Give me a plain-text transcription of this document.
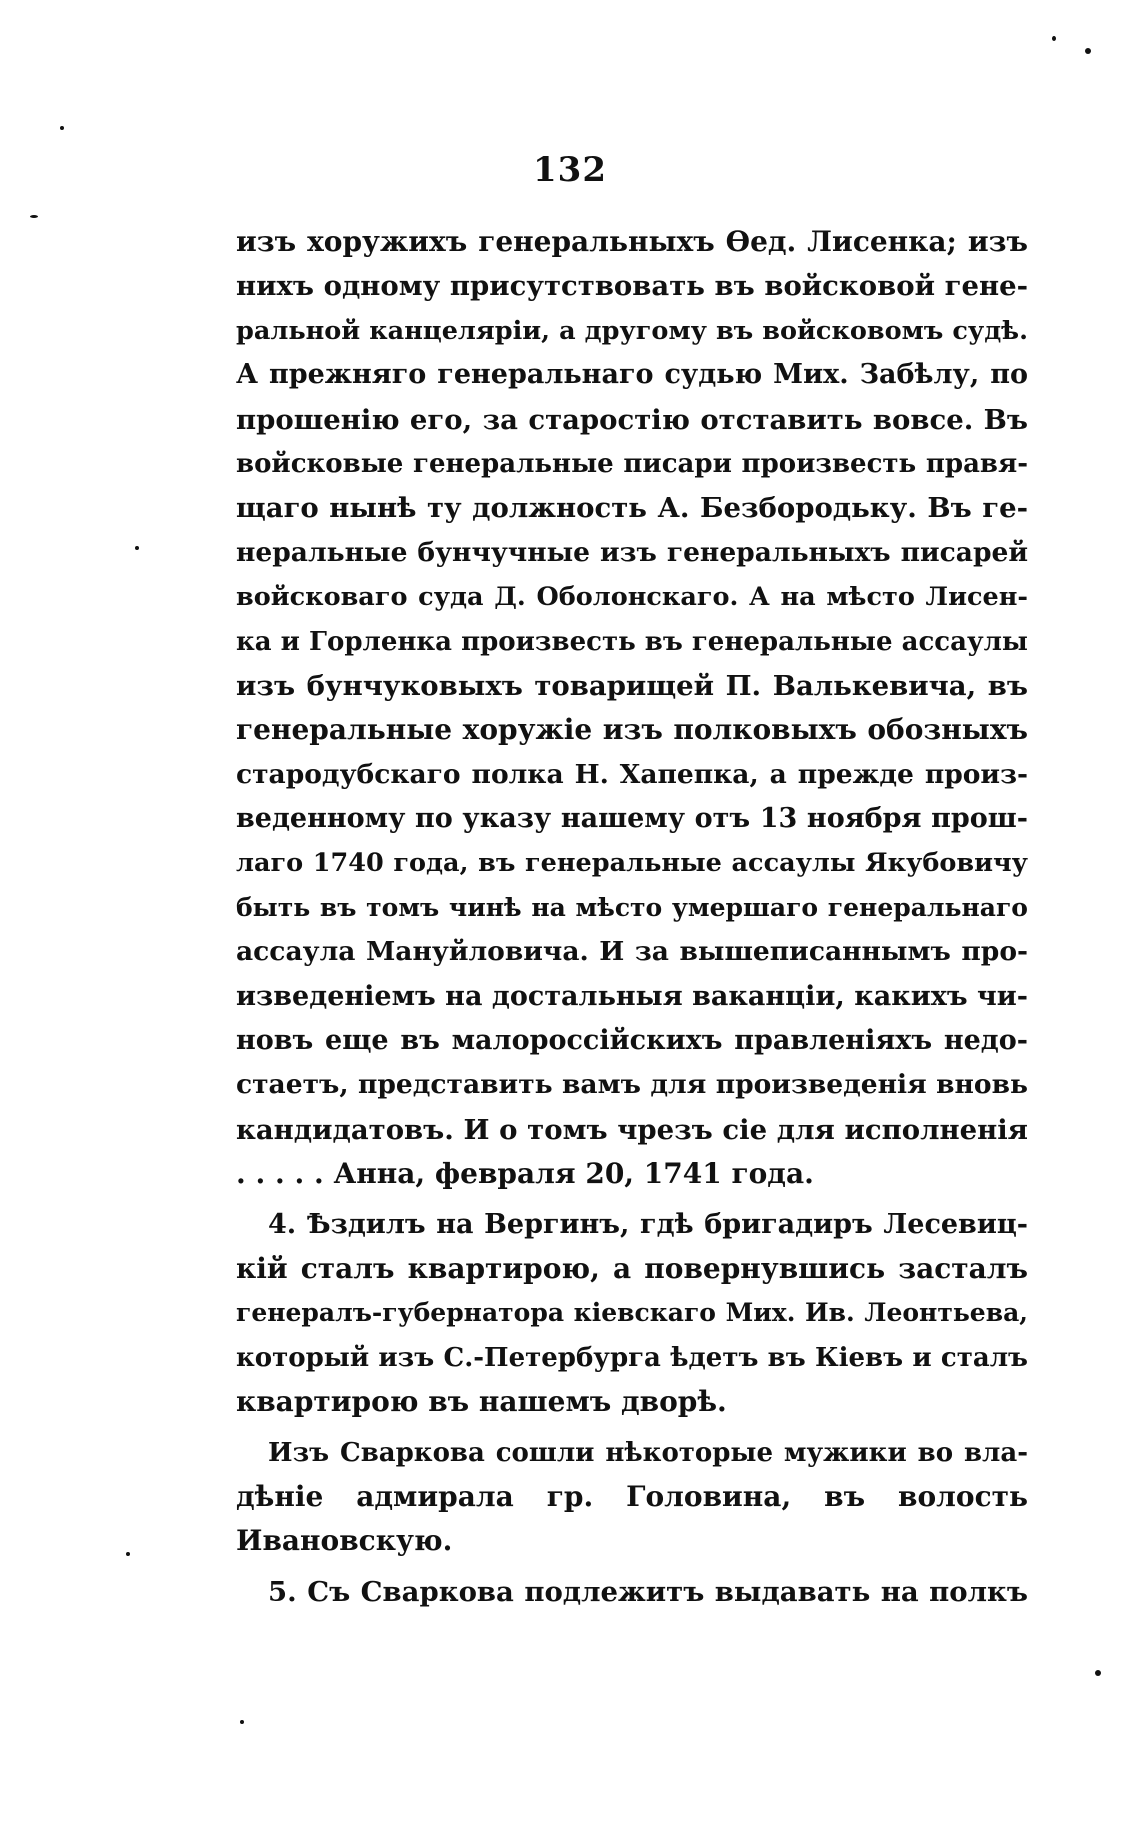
132
изъ хоружихъ генеральныхъ Ѳед. Лисенка; изъ
нихъ одному присутствовать въ войсковой гене-
ральной канцеляріи, а другому въ войсковомъ судѣ.
А прежняго генеральнаго судью Мих. Забѣлу, по
прошенію его, за старостію отставить вовсе. Въ
войсковые генеральные писари произвесть правя-
щаго нынѣ ту должность А. Безбородьку. Въ ге-
неральные бунчучные изъ генеральныхъ писарей
войсковаго суда Д. Оболонскаго. А на мѣсто Лисен-
ка и Горленка произвесть въ генеральные ассаулы
изъ бунчуковыхъ товарищей П. Валькевича, въ
генеральные хоружіе изъ полковыхъ обозныхъ
стародубскаго полка Н. Хапепка, а прежде произ-
веденному по указу нашему отъ 13 ноября прош-
лаго 1740 года, въ генеральные ассаулы Якубовичу
быть въ томъ чинѣ на мѣсто умершаго генеральнаго
ассаула Мануйловича. И за вышеписаннымъ про-
изведеніемъ на достальныя ваканціи, какихъ чи-
новъ еще въ малороссійскихъ правленіяхъ недо-
стаетъ, представить вамъ для произведенія вновь
кандидатовъ. И о томъ чрезъ сіе для исполненія
. . . . . Анна, февраля 20, 1741 года.
4. Ѣздилъ на Вергинъ, гдѣ бригадиръ Лесевиц-
кій сталъ квартирою, а повернувшись засталъ
генералъ-губернатора кіевскаго Мих. Ив. Леонтьева,
который изъ С.-Петербурга ѣдетъ въ Кіевъ и сталъ
квартирою въ нашемъ дворѣ.
Изъ Сваркова сошли нѣкоторые мужики во вла-
дѣніе адмирала гр. Головина, въ волость Ивановскую.
5. Съ Сваркова подлежитъ выдавать на полкъ
